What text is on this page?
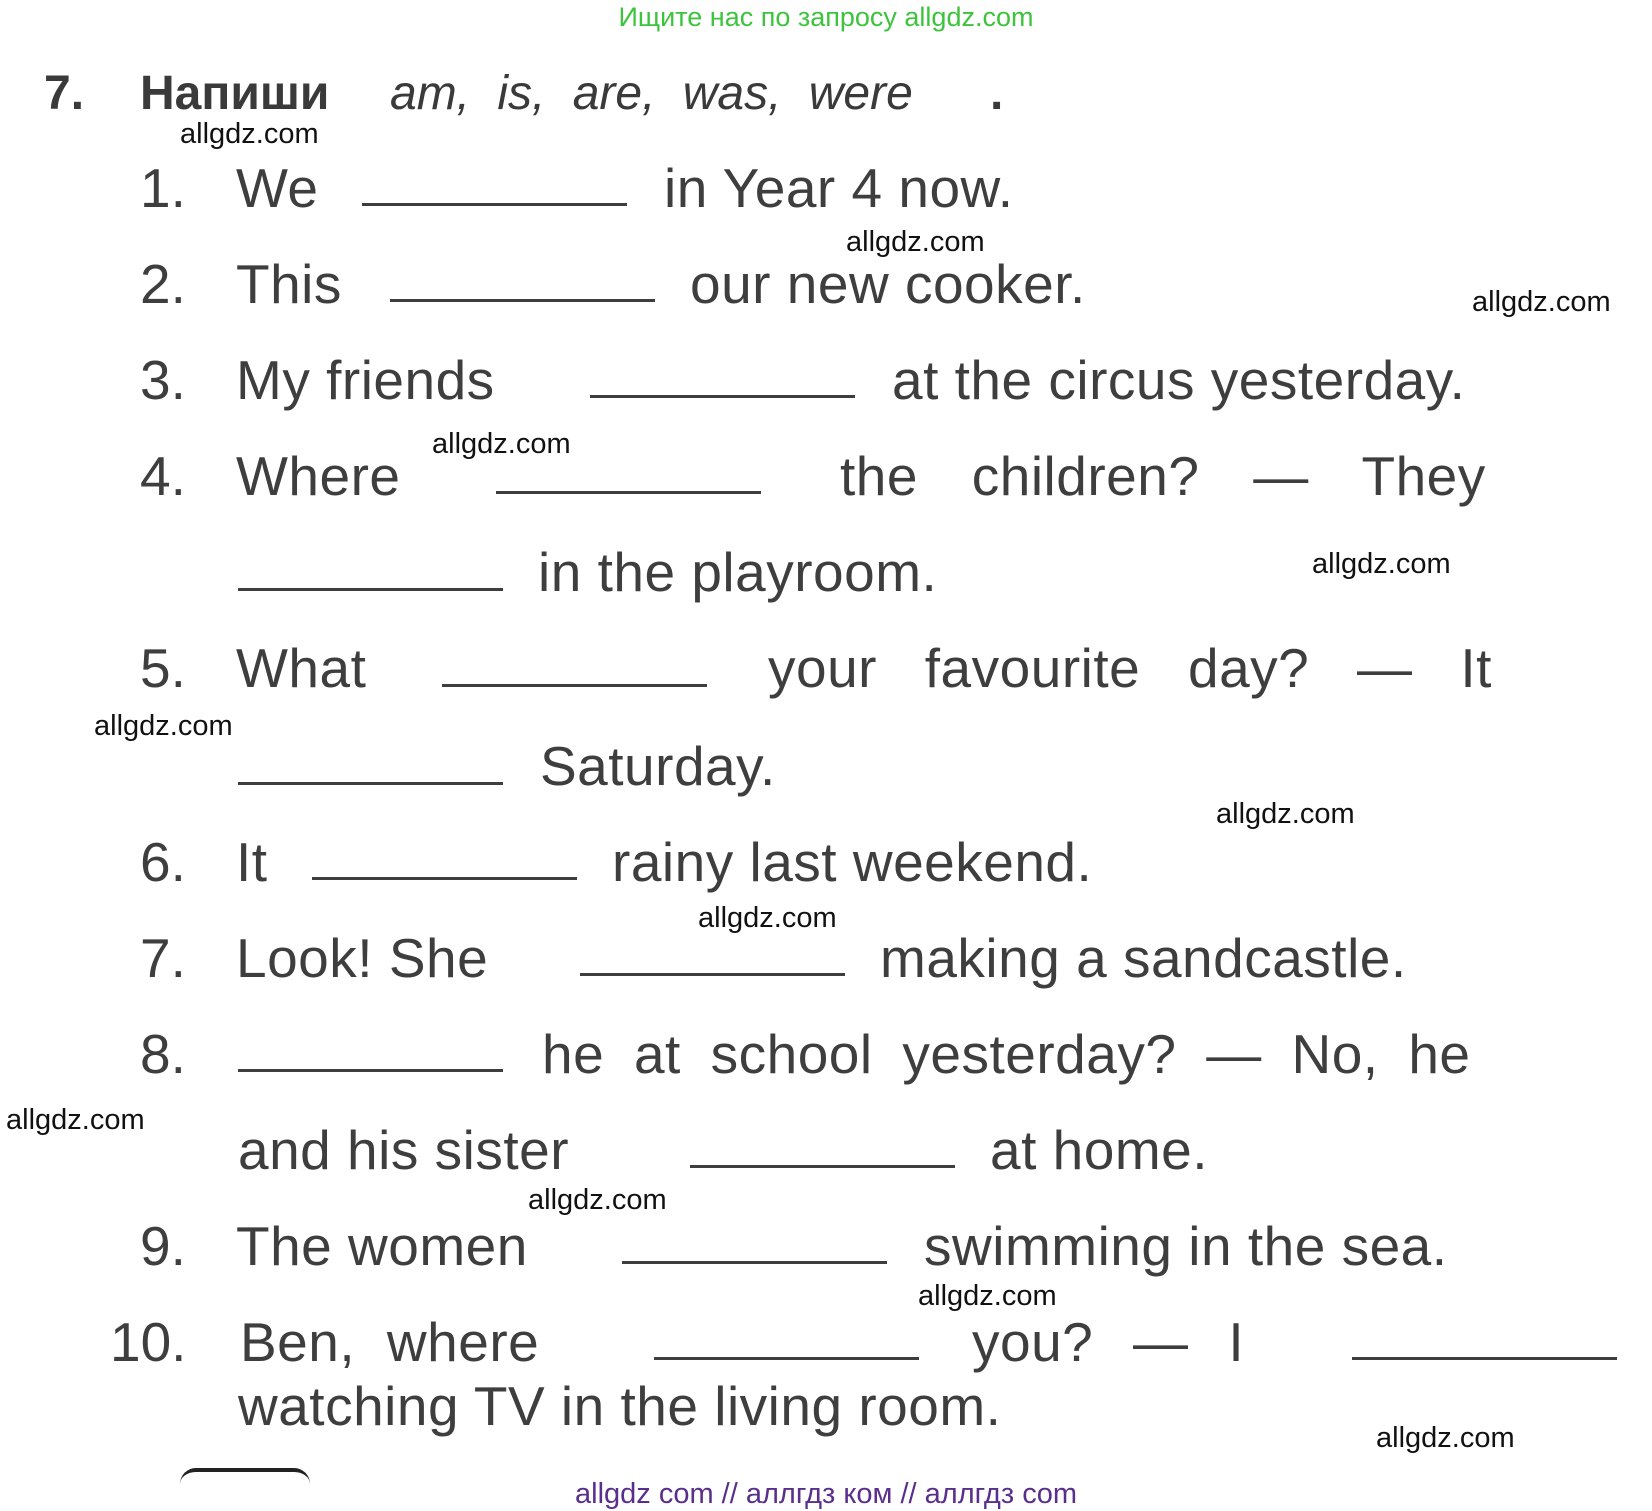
Ищите нас по запросу allgdz.com
7. Напиши am, is, are, was, were .
1. We	in Year 4 now.
2. This	our new cooker.
3. My friends	at the circus yesterday.
4. Where	the children? — They
in the playroom.
5. What	your favourite day? — It
Saturday.
6. It	rainy last weekend.
7. Look! She	making a sandcastle.
8.	he at school yesterday? — No, he
and his sister	at home.
9. The women	swimming in the sea.
10. Ben, where	you? — I
watching TV in the living room.
allgdz.com
allgdz.com
allgdz.com
allgdz.com
allgdz.com
allgdz.com
allgdz.com
allgdz.com
allgdz.com
allgdz.com
allgdz.com
allgdz.com
allgdz com // аллгдз ком // аллгдз com
